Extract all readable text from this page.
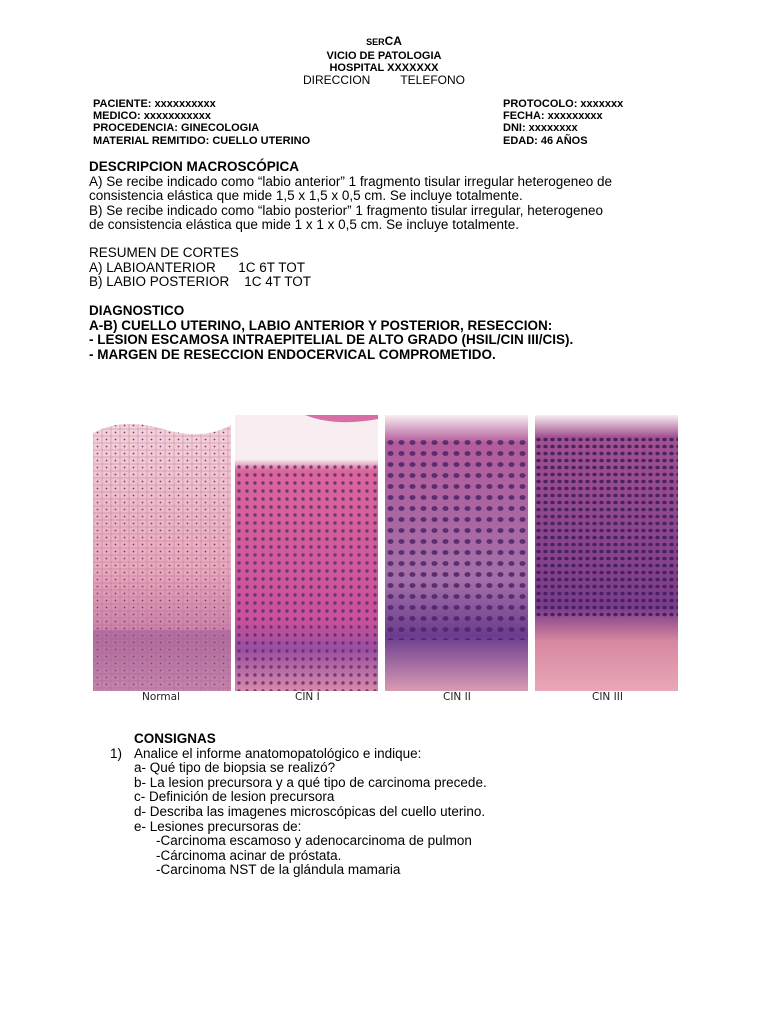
SERCA
VICIO DE PATOLOGIA
HOSPITAL XXXXXXX
DIRECCION	TELEFONO
PACIENTE: xxxxxxxxxx
MEDICO: xxxxxxxxxxx
PROCEDENCIA: GINECOLOGIA
MATERIAL REMITIDO: CUELLO UTERINO
PROTOCOLO: xxxxxxx
FECHA: xxxxxxxxx
DNI: xxxxxxxx
EDAD: 46 AÑOS
DESCRIPCION MACROSCÓPICA
A) Se recibe indicado como “labio anterior” 1 fragmento tisular irregular heterogeneo de
consistencia elástica que mide 1,5 x 1,5 x 0,5 cm. Se incluye totalmente.
B) Se recibe indicado como “labio posterior” 1 fragmento tisular irregular, heterogeneo
de consistencia elástica que mide 1 x 1 x 0,5 cm. Se incluye totalmente.
RESUMEN DE CORTES
A) LABIOANTERIOR      1C 6T TOT
B) LABIO POSTERIOR    1C 4T TOT
DIAGNOSTICO
A-B) CUELLO UTERINO, LABIO ANTERIOR Y POSTERIOR, RESECCION:
- LESION ESCAMOSA INTRAEPITELIAL DE ALTO GRADO (HSIL/CIN III/CIS).
- MARGEN DE RESECCION ENDOCERVICAL COMPROMETIDO.
Normal	CIN I	CIN II	CIN III
CONSIGNAS
1) Analice el informe anatomopatológico e indique:
a- Qué tipo de biopsia se realizó?
b- La lesion precursora y a qué tipo de carcinoma precede.
c- Definición de lesion precursora
d- Describa las imagenes microscópicas del cuello uterino.
e- Lesiones precursoras de:
-Carcinoma escamoso y adenocarcinoma de pulmon
-Cárcinoma acinar de próstata.
-Carcinoma NST de la glándula mamaria
